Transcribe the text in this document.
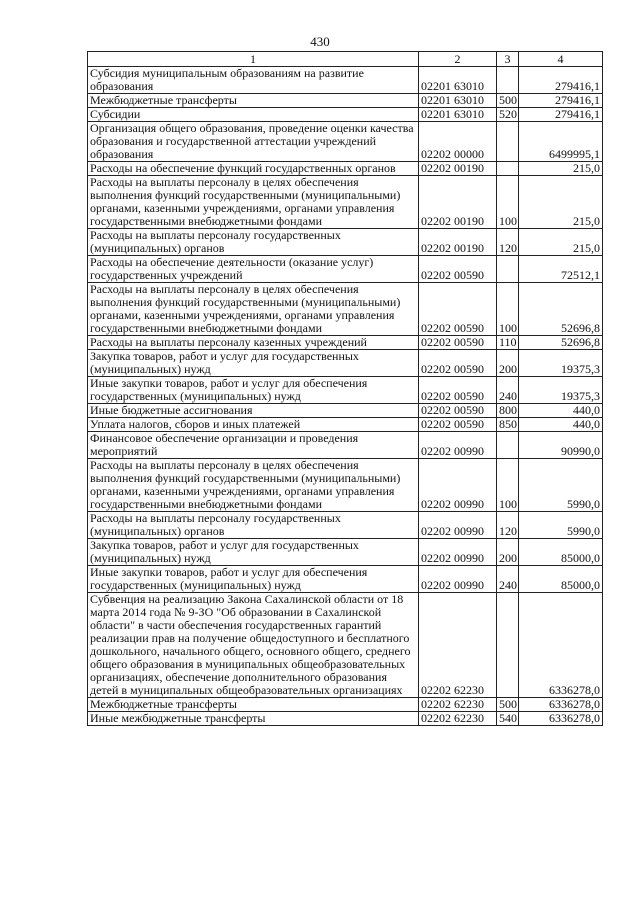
430
1	2	3	4
Субсидия муниципальным образованиям на развитие образования	02201 63010		279416,1
Межбюджетные трансферты	02201 63010	500	279416,1
Субсидии	02201 63010	520	279416,1
Организация общего образования, проведение оценки качества образования и государственной аттестации учреждений образования	02202 00000		6499995,1
Расходы на обеспечение функций государственных органов	02202 00190		215,0
Расходы на выплаты персоналу в целях обеспечения выполнения функций государственными (муниципальными) органами, казенными учреждениями, органами управления государственными внебюджетными фондами	02202 00190	100	215,0
Расходы на выплаты персоналу государственных (муниципальных) органов	02202 00190	120	215,0
Расходы на обеспечение деятельности (оказание услуг) государственных учреждений	02202 00590		72512,1
Расходы на выплаты персоналу в целях обеспечения выполнения функций государственными (муниципальными) органами, казенными учреждениями, органами управления государственными внебюджетными фондами	02202 00590	100	52696,8
Расходы на выплаты персоналу казенных учреждений	02202 00590	110	52696,8
Закупка товаров, работ и услуг для государственных (муниципальных) нужд	02202 00590	200	19375,3
Иные закупки товаров, работ и услуг для обеспечения государственных (муниципальных) нужд	02202 00590	240	19375,3
Иные бюджетные ассигнования	02202 00590	800	440,0
Уплата налогов, сборов и иных платежей	02202 00590	850	440,0
Финансовое обеспечение организации и проведения мероприятий	02202 00990		90990,0
Расходы на выплаты персоналу в целях обеспечения выполнения функций государственными (муниципальными) органами, казенными учреждениями, органами управления государственными внебюджетными фондами	02202 00990	100	5990,0
Расходы на выплаты персоналу государственных (муниципальных) органов	02202 00990	120	5990,0
Закупка товаров, работ и услуг для государственных (муниципальных) нужд	02202 00990	200	85000,0
Иные закупки товаров, работ и услуг для обеспечения государственных (муниципальных) нужд	02202 00990	240	85000,0
Субвенция на реализацию Закона Сахалинской области от 18 марта 2014 года № 9-ЗО "Об образовании в Сахалинской области" в части обеспечения государственных гарантий реализации прав на получение общедоступного и бесплатного дошкольного, начального общего, основного общего, среднего общего образования в муниципальных общеобразовательных организациях, обеспечение дополнительного образования детей в муниципальных общеобразовательных организациях	02202 62230		6336278,0
Межбюджетные трансферты	02202 62230	500	6336278,0
Иные межбюджетные трансферты	02202 62230	540	6336278,0
